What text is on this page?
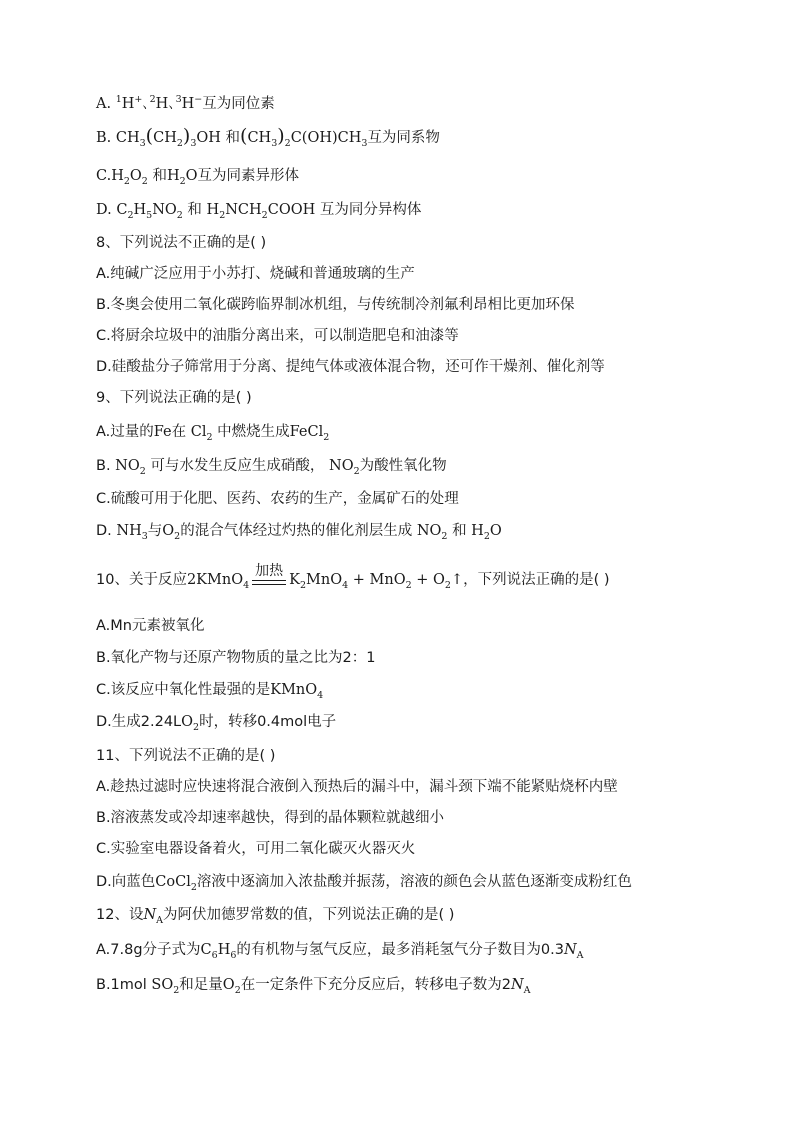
A. $^1$H+､$^2$H､$^3$H−互为同位素
B. $CH_3(CH_2)_3OH$ 和$(CH_3)_2C(OH)CH_3$互为同系物
$C.H_2O_2$ 和$H_2O$互为同素异形体
D. $C_2H_5NO_2$ 和 $H_2NCH_2COOH$ 互为同分异构体
8、下列说法不正确的是( )
A.纯碱广泛应用于小苏打、烧碱和普通玻璃的生产
B.冬奥会使用二氧化碳跨临界制冰机组，与传统制冷剂氟利昂相比更加环保
C.将厨余垃圾中的油脂分离出来，可以制造肥皂和油漆等
D.硅酸盐分子筛常用于分离、提纯气体或液体混合物，还可作干燥剂、催化剂等
9、下列说法正确的是( )
A.过量的Fe在 $Cl_2$ 中燃烧生成FeCl$_2$
B. $NO_2$ 可与水发生反应生成硝酸， $NO_2$为酸性氧化物
C.硫酸可用于化肥、医药、农药的生产，金属矿石的处理
D. $NH_3$与$O_2$的混合气体经过灼热的催化剂层生成 $NO_2$ 和 $H_2O$
10、关于反应2KMnO$_4$
加热
$K_2MnO_4 + MnO_2$ + $O_2↑$，下列说法正确的是( )
A.Mn元素被氧化
B.氧化产物与还原产物物质的量之比为2：1
C.该反应中氧化性最强的是KMnO$_4$
D.生成$2.24LO_2$时，转移0.4mol电子
11、下列说法不正确的是( )
A.趁热过滤时应快速将混合液倒入预热后的漏斗中，漏斗颈下端不能紧贴烧杯内壁
B.溶液蒸发或冷却速率越快，得到的晶体颗粒就越细小
C.实验室电器设备着火，可用二氧化碳灭火器灭火
D.向蓝色CoCl$_2$溶液中逐滴加入浓盐酸并振荡，溶液的颜色会从蓝色逐渐变成粉红色
12、设$N_A$为阿伏加德罗常数的值，下列说法正确的是( )
A.7.8g分子式为$C_6H_6$的有机物与氢气反应，最多消耗氢气分子数目为$0.3N_A$
B.1mol $SO_2$和足量$O_2$在一定条件下充分反应后，转移电子数为$2N_A$
